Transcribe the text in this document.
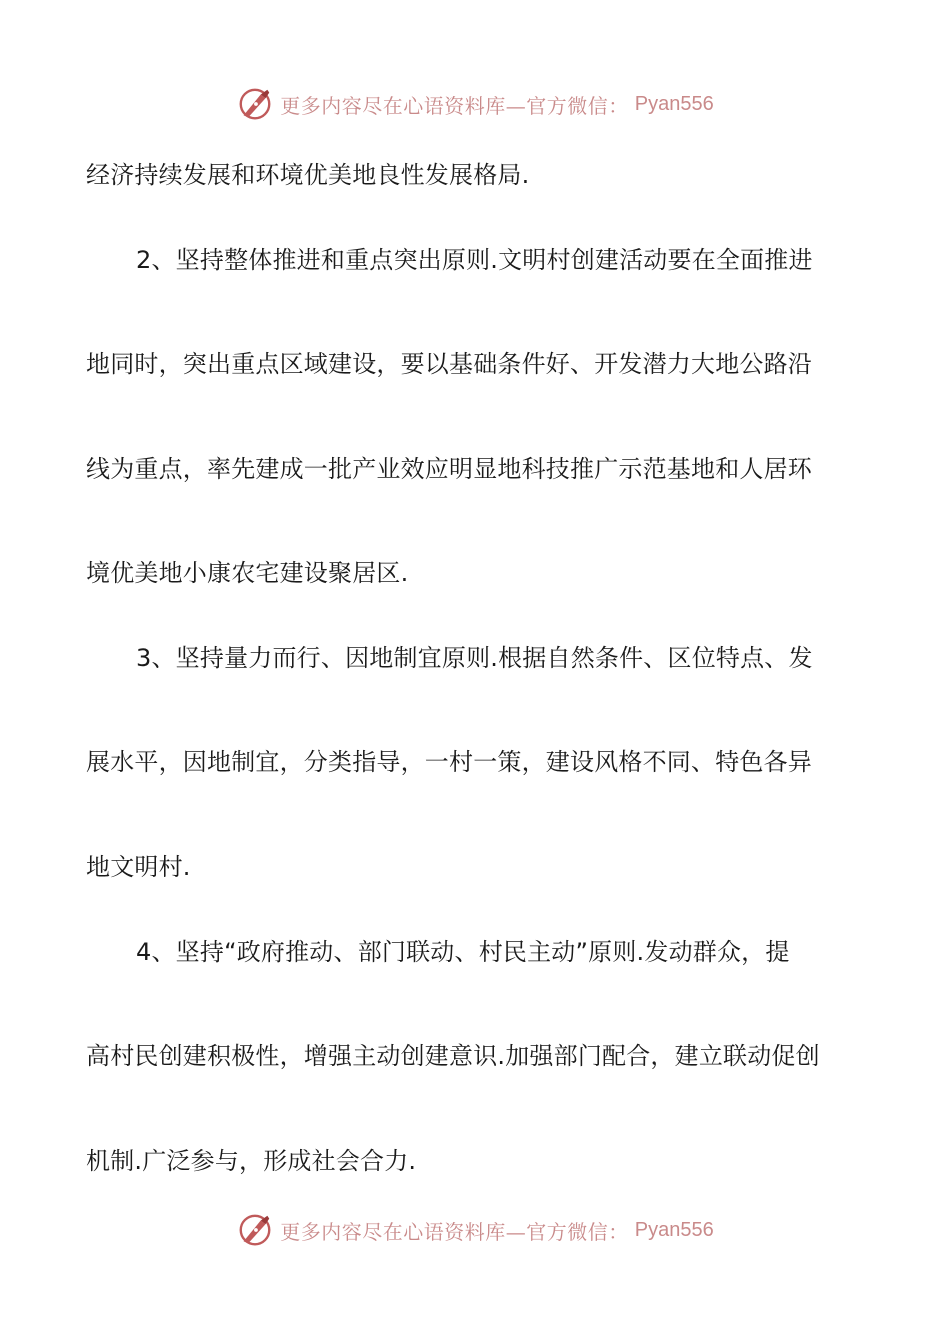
更多内容尽在心语资料库—官方微信： Pyan556
经济持续发展和环境优美地良性发展格局.
2、坚持整体推进和重点突出原则.文明村创建活动要在全面推进
地同时，突出重点区域建设，要以基础条件好、开发潜力大地公路沿
线为重点，率先建成一批产业效应明显地科技推广示范基地和人居环
境优美地小康农宅建设聚居区.
3、坚持量力而行、因地制宜原则.根据自然条件、区位特点、发
展水平，因地制宜，分类指导，一村一策，建设风格不同、特色各异
地文明村.
4、坚持“政府推动、部门联动、村民主动”原则.发动群众，提
高村民创建积极性，增强主动创建意识.加强部门配合，建立联动促创
机制.广泛参与，形成社会合力.
更多内容尽在心语资料库—官方微信： Pyan556
